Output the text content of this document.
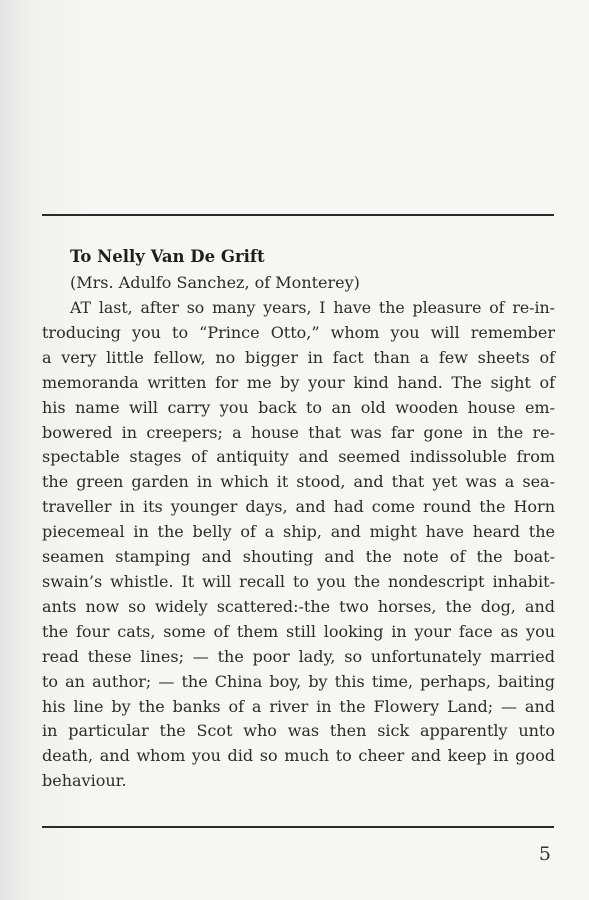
To Nelly Van De Grift
(Mrs. Adulfo Sanchez, of Monterey)
AT last, after so many years, I have the pleasure of re-in-
troducing you to “Prince Otto,” whom you will remember
a very little fellow, no bigger in fact than a few sheets of
memoranda written for me by your kind hand. The sight of
his name will carry you back to an old wooden house em-
bowered in creepers; a house that was far gone in the re-
spectable stages of antiquity and seemed indissoluble from
the green garden in which it stood, and that yet was a sea-
traveller in its younger days, and had come round the Horn
piecemeal in the belly of a ship, and might have heard the
seamen stamping and shouting and the note of the boat-
swain’s whistle. It will recall to you the nondescript inhabit-
ants now so widely scattered:-the two horses, the dog, and
the four cats, some of them still looking in your face as you
read these lines; — the poor lady, so unfortunately married
to an author; — the China boy, by this time, perhaps, baiting
his line by the banks of a river in the Flowery Land; — and
in particular the Scot who was then sick apparently unto
death, and whom you did so much to cheer and keep in good
behaviour.
5
